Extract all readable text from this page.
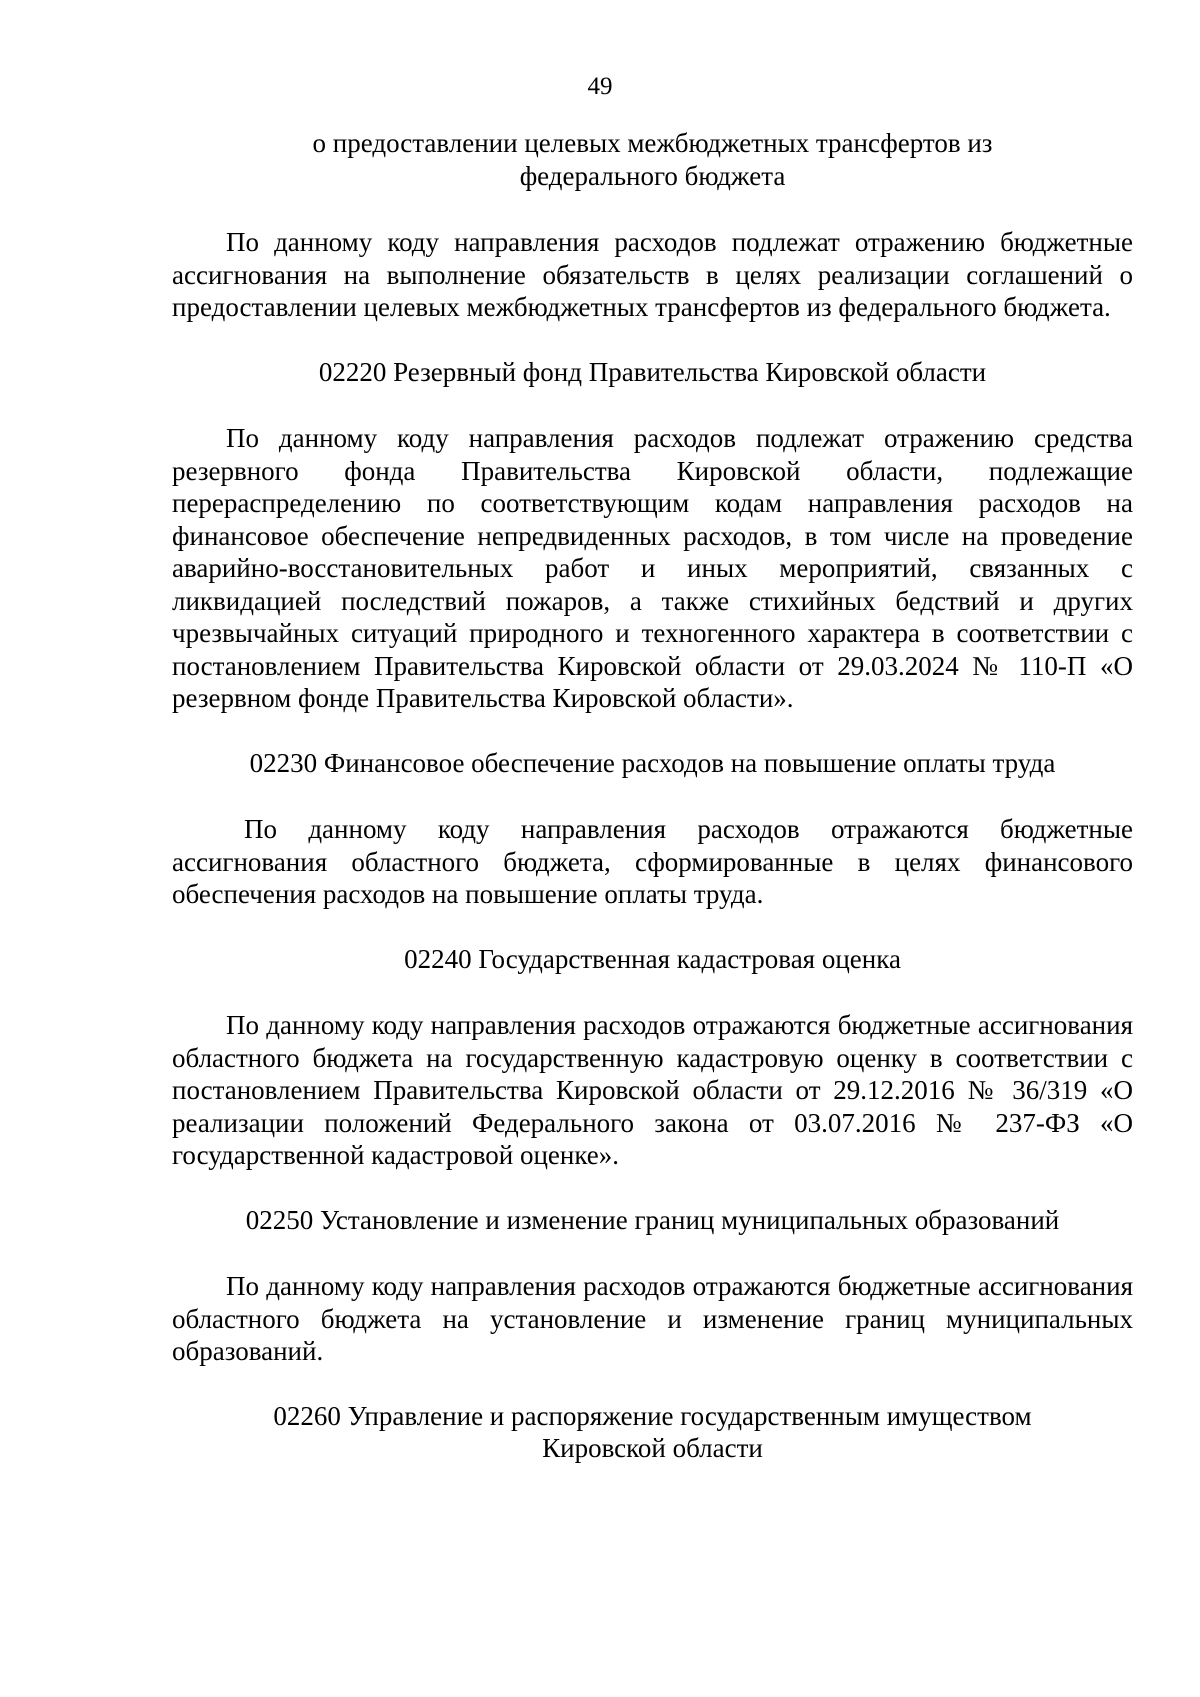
49

о предоставлении целевых межбюджетных трансфертов из федерального бюджета

По данному коду направления расходов подлежат отражению бюджетные ассигнования на выполнение обязательств в целях реализации соглашений о предоставлении целевых межбюджетных трансфертов из федерального бюджета.

02220 Резервный фонд Правительства Кировской области

По данному коду направления расходов подлежат отражению средства резервного фонда Правительства Кировской области, подлежащие перераспределению по соответствующим кодам направления расходов на финансовое обеспечение непредвиденных расходов, в том числе на проведение аварийно-восстановительных работ и иных мероприятий, связанных с ликвидацией последствий пожаров, а также стихийных бедствий и других чрезвычайных ситуаций природного и техногенного характера в соответствии с постановлением Правительства Кировской области от 29.03.2024 № 110-П «О резервном фонде Правительства Кировской области».

02230 Финансовое обеспечение расходов на повышение оплаты труда

По данному коду направления расходов отражаются бюджетные ассигнования областного бюджета, сформированные в целях финансового обеспечения расходов на повышение оплаты труда.

02240 Государственная кадастровая оценка

По данному коду направления расходов отражаются бюджетные ассигнования областного бюджета на государственную кадастровую оценку в соответствии с постановлением Правительства Кировской области от 29.12.2016 № 36/319 «О реализации положений Федерального закона от 03.07.2016 № 237-ФЗ «О государственной кадастровой оценке».

02250 Установление и изменение границ муниципальных образований

По данному коду направления расходов отражаются бюджетные ассигнования областного бюджета на установление и изменение границ муниципальных образований.

02260 Управление и распоряжение государственным имуществом Кировской области
